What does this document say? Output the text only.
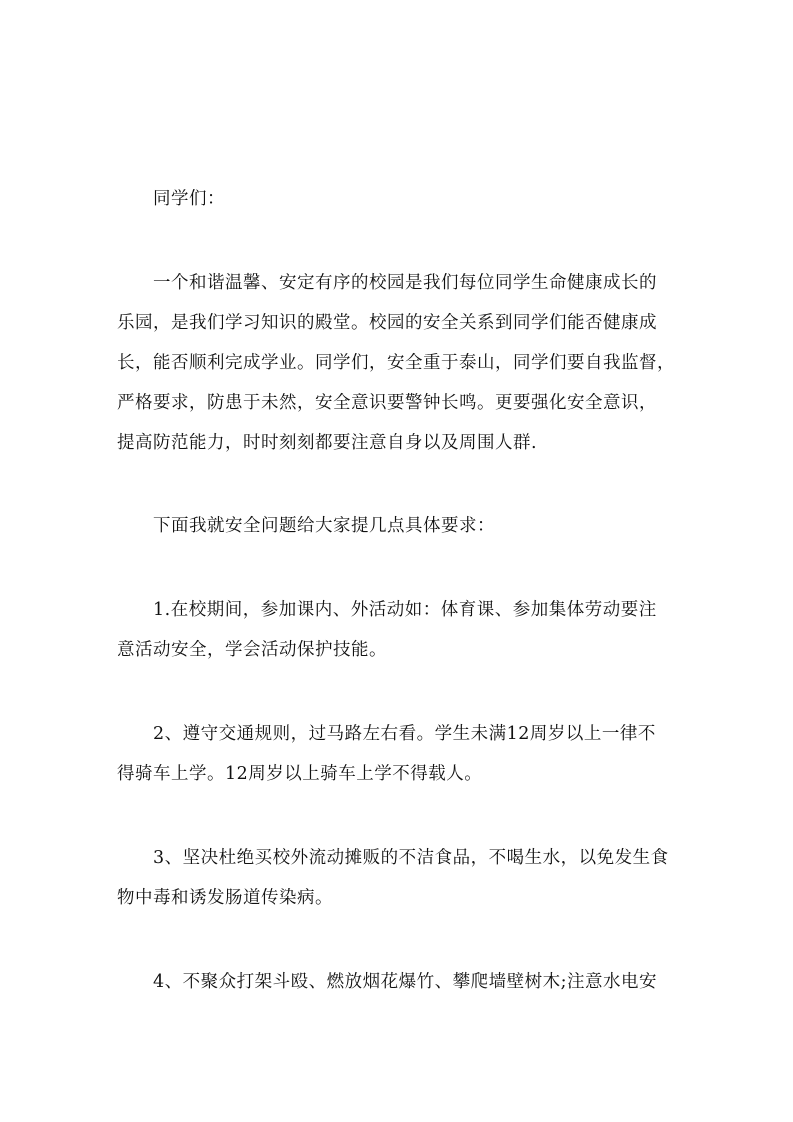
同学们：
一个和谐温馨、安定有序的校园是我们每位同学生命健康成长的
乐园，是我们学习知识的殿堂。校园的安全关系到同学们能否健康成
长，能否顺利完成学业。同学们，安全重于泰山，同学们要自我监督，
严格要求，防患于未然，安全意识要警钟长鸣。更要强化安全意识，
提高防范能力，时时刻刻都要注意自身以及周围人群.
下面我就安全问题给大家提几点具体要求：
1.在校期间，参加课内、外活动如：体育课、参加集体劳动要注
意活动安全，学会活动保护技能。
2、遵守交通规则，过马路左右看。学生未满12周岁以上一律不
得骑车上学。12周岁以上骑车上学不得载人。
3、坚决杜绝买校外流动摊贩的不洁食品，不喝生水，以免发生食
物中毒和诱发肠道传染病。
4、不聚众打架斗殴、燃放烟花爆竹、攀爬墙壁树木;注意水电安
